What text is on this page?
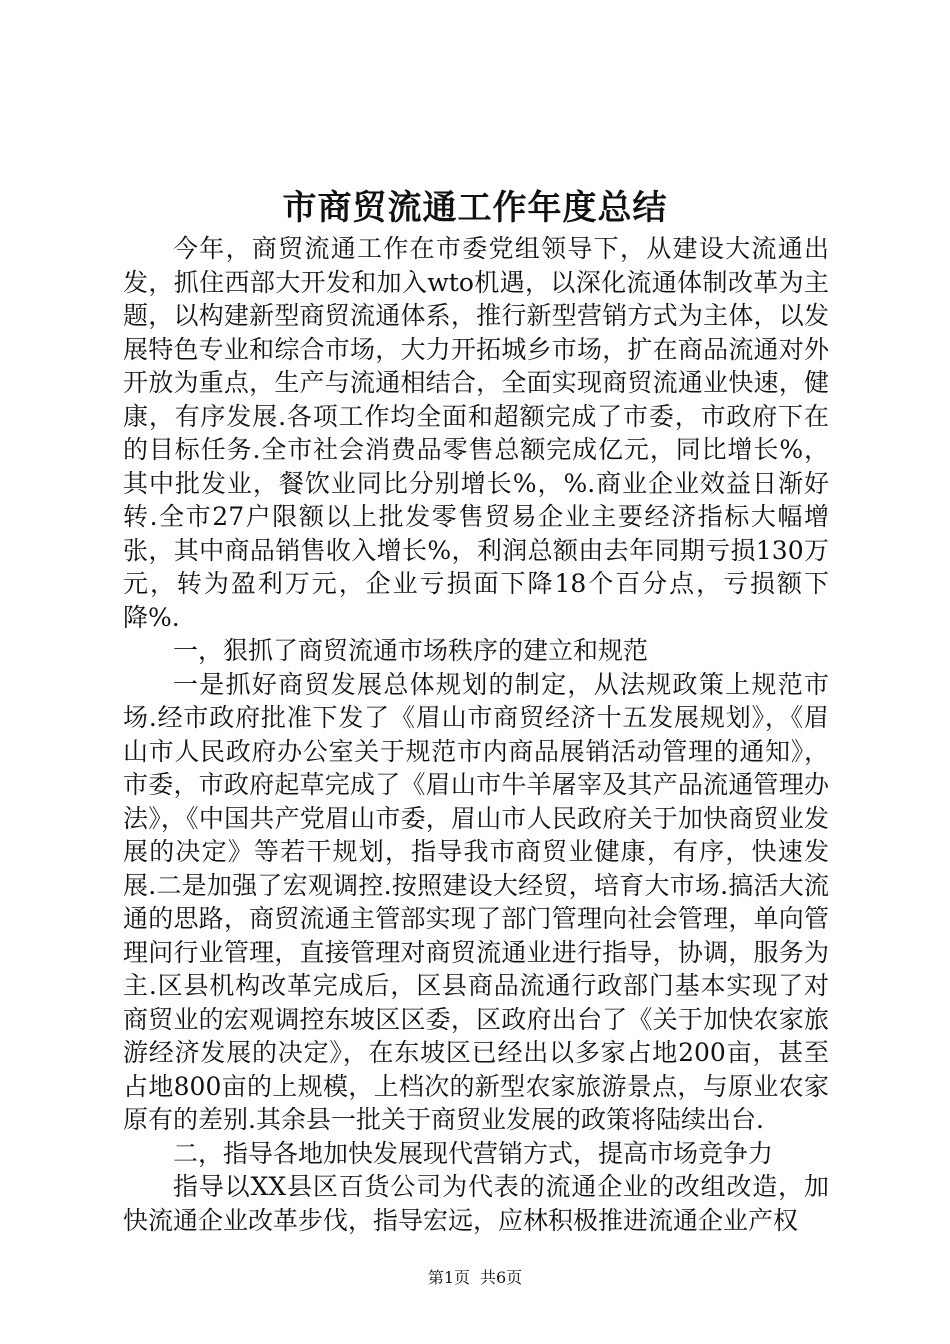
市商贸流通工作年度总结

今年，商贸流通工作在市委党组领导下，从建设大流通出发，抓住西部大开发和加入wto机遇，以深化流通体制改革为主题，以构建新型商贸流通体系，推行新型营销方式为主体，以发展特色专业和综合市场，大力开拓城乡市场，扩在商品流通对外开放为重点，生产与流通相结合，全面实现商贸流通业快速，健康，有序发展.各项工作均全面和超额完成了市委，市政府下在的目标任务.全市社会消费品零售总额完成亿元，同比增长%，其中批发业，餐饮业同比分别增长%，%.商业企业效益日渐好转.全市27户限额以上批发零售贸易企业主要经济指标大幅增张，其中商品销售收入增长%，利润总额由去年同期亏损130万元，转为盈利万元，企业亏损面下降18个百分点，亏损额下降%.

一，狠抓了商贸流通市场秩序的建立和规范

一是抓好商贸发展总体规划的制定，从法规政策上规范市场.经市政府批准下发了《眉山市商贸经济十五发展规划》，《眉山市人民政府办公室关于规范市内商品展销活动管理的通知》，市委，市政府起草完成了《眉山市牛羊屠宰及其产品流通管理办法》，《中国共产党眉山市委，眉山市人民政府关于加快商贸业发展的决定》等若干规划，指导我市商贸业健康，有序，快速发展.二是加强了宏观调控.按照建设大经贸，培育大市场.搞活大流通的思路，商贸流通主管部实现了部门管理向社会管理，单向管理问行业管理，直接管理对商贸流通业进行指导，协调，服务为主.区县机构改革完成后，区县商品流通行政部门基本实现了对商贸业的宏观调控东坡区区委，区政府出台了《关于加快农家旅游经济发展的决定》，在东坡区已经出以多家占地200亩，甚至占地800亩的上规模，上档次的新型农家旅游景点，与原业农家原有的差别.其余县一批关于商贸业发展的政策将陆续出台.

二，指导各地加快发展现代营销方式，提高市场竞争力

指导以XX县区百货公司为代表的流通企业的改组改造，加快流通企业改革步伐，指导宏远，应林积极推进流通企业产权

第1页 共6页
